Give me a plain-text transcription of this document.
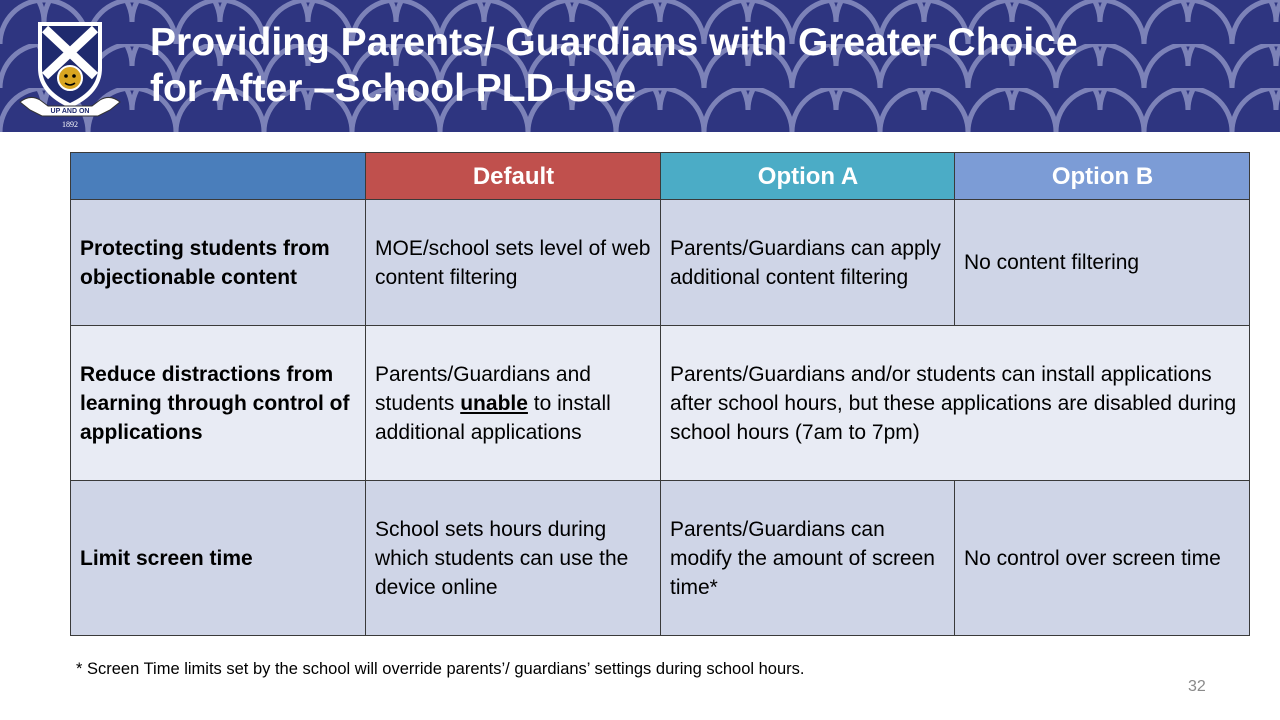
UP AND ON
1892
Providing Parents/ Guardians with Greater Choice
for After –School PLD Use
	Default	Option A	Option B
Protecting students from objectionable content	MOE/school sets level of web content filtering	Parents/Guardians can apply additional content filtering	No content filtering
Reduce distractions from learning through control of applications	Parents/Guardians and students unable to install additional applications	Parents/Guardians and/or students can install applications after school hours, but these applications are disabled during school hours (7am to 7pm)	
Limit screen time	School sets hours during which students can use the device online	Parents/Guardians can modify the amount of screen time*	No control over screen time

* Screen Time limits set by the school will override parents’/ guardians’ settings during school hours.

32
